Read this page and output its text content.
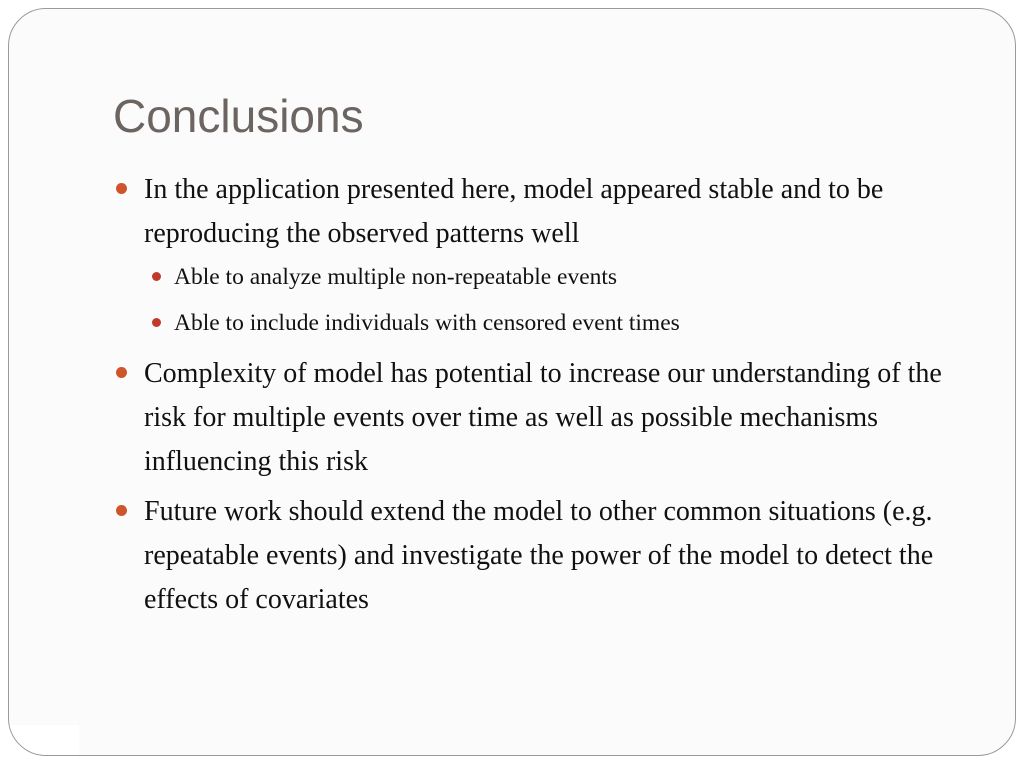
Conclusions
In the application presented here, model appeared stable and to be reproducing the observed patterns well
Able to analyze multiple non-repeatable events
Able to include individuals with censored event times
Complexity of model has potential to increase our understanding of the risk for multiple events over time as well as possible mechanisms influencing this risk
Future work should extend the model to other common situations (e.g. repeatable events) and investigate the power of the model to detect the effects of covariates
